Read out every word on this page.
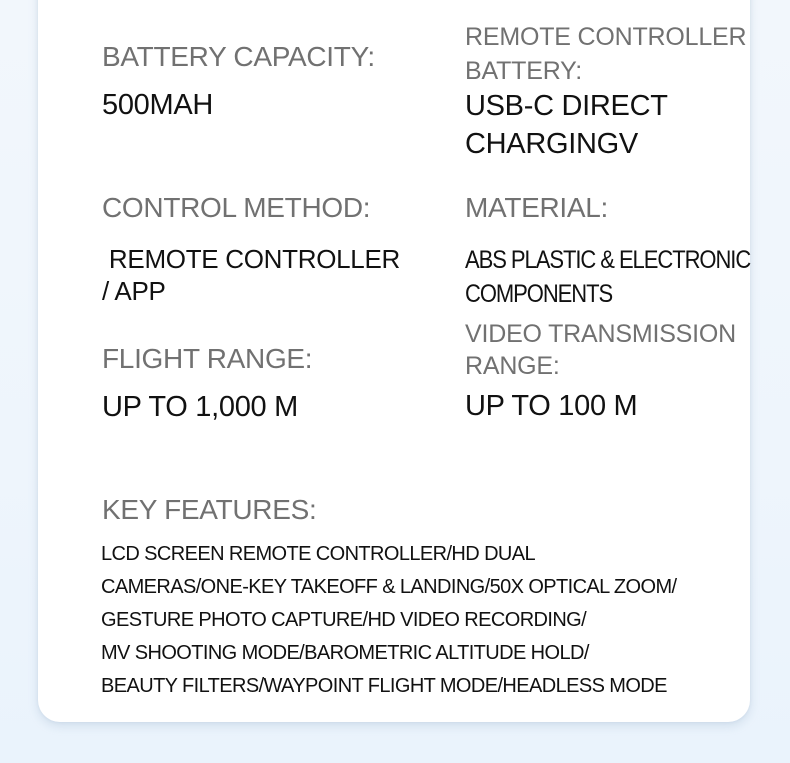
BATTERY CAPACITY:
500MAH
REMOTE CONTROLLER
BATTERY:
USB-C DIRECT
CHARGINGV
CONTROL METHOD:
REMOTE CONTROLLER
/ APP
MATERIAL:
ABS PLASTIC & ELECTRONIC
COMPONENTS
FLIGHT RANGE:
UP TO 1,000 M
VIDEO TRANSMISSION
RANGE:
UP TO 100 M
KEY FEATURES:
LCD SCREEN REMOTE CONTROLLER/HD DUAL
CAMERAS/ONE-KEY TAKEOFF & LANDING/50X OPTICAL ZOOM/
GESTURE PHOTO CAPTURE/HD VIDEO RECORDING/
MV SHOOTING MODE/BAROMETRIC ALTITUDE HOLD/
BEAUTY FILTERS/WAYPOINT FLIGHT MODE/HEADLESS MODE
